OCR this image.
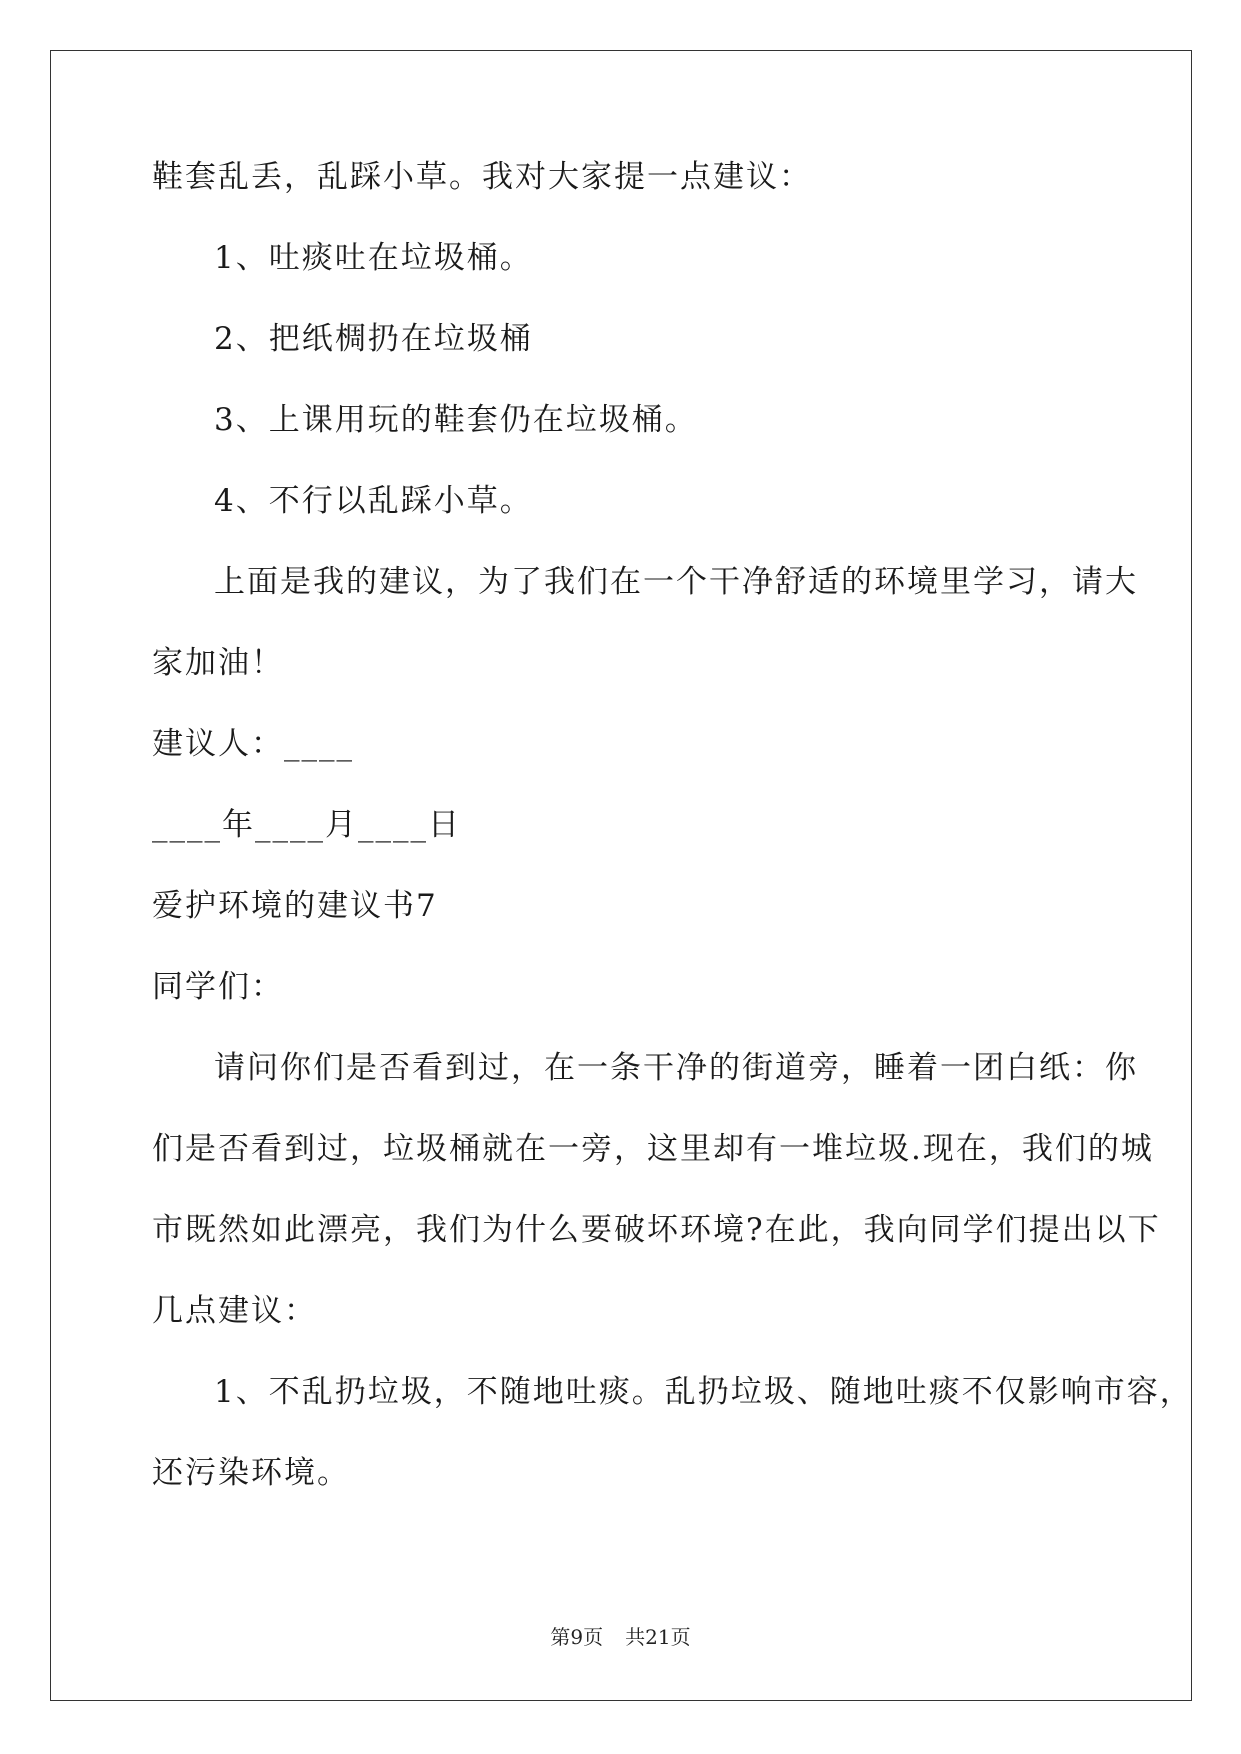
鞋套乱丢，乱踩小草。我对大家提一点建议：
1、吐痰吐在垃圾桶。
2、把纸椆扔在垃圾桶
3、上课用玩的鞋套仍在垃圾桶。
4、不行以乱踩小草。
上面是我的建议，为了我们在一个干净舒适的环境里学习，请大
家加油！
建议人：____
____年____月____日
爱护环境的建议书7
同学们：
请问你们是否看到过，在一条干净的街道旁，睡着一团白纸：你
们是否看到过，垃圾桶就在一旁，这里却有一堆垃圾.现在，我们的城
市既然如此漂亮，我们为什么要破坏环境?在此，我向同学们提出以下
几点建议：
1、不乱扔垃圾，不随地吐痰。乱扔垃圾、随地吐痰不仅影响市容，
还污染环境。
第9页 共21页
